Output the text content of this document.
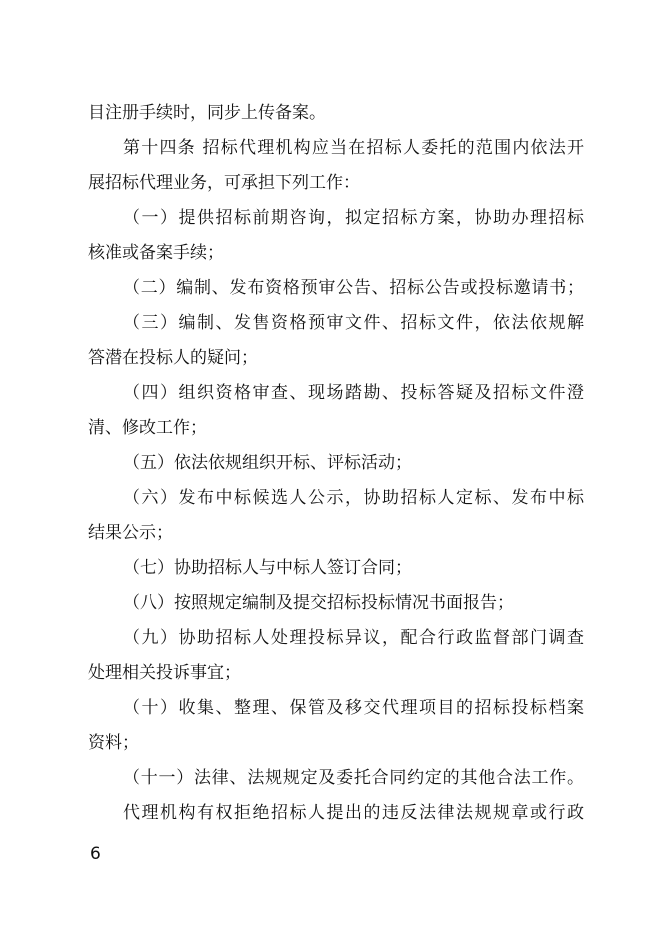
目注册手续时，同步上传备案。
第十四条 招标代理机构应当在招标人委托的范围内依法开
展招标代理业务，可承担下列工作：
（一）提供招标前期咨询，拟定招标方案，协助办理招标
核准或备案手续；
（二）编制、发布资格预审公告、招标公告或投标邀请书；
（三）编制、发售资格预审文件、招标文件，依法依规解
答潜在投标人的疑问；
（四）组织资格审查、现场踏勘、投标答疑及招标文件澄
清、修改工作；
（五）依法依规组织开标、评标活动；
（六）发布中标候选人公示，协助招标人定标、发布中标
结果公示；
（七）协助招标人与中标人签订合同；
（八）按照规定编制及提交招标投标情况书面报告；
（九）协助招标人处理投标异议，配合行政监督部门调查
处理相关投诉事宜；
（十）收集、整理、保管及移交代理项目的招标投标档案
资料；
（十一）法律、法规规定及委托合同约定的其他合法工作。
代理机构有权拒绝招标人提出的违反法律法规规章或行政
6
